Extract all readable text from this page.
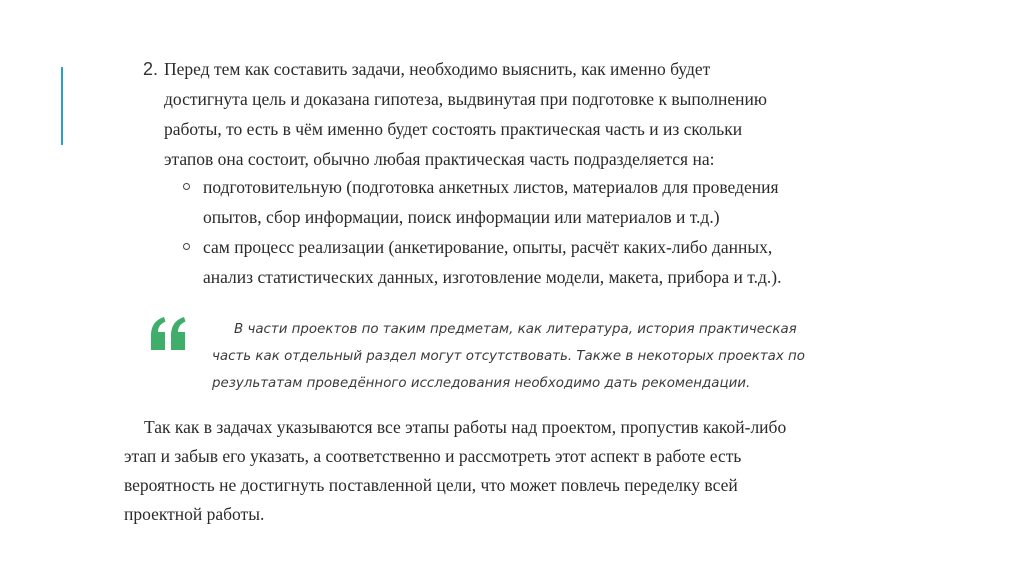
2. Перед тем как составить задачи, необходимо выяснить, как именно будет
достигнута цель и доказана гипотеза, выдвинутая при подготовке к выполнению
работы, то есть в чём именно будет состоять практическая часть и из скольки
этапов она состоит, обычно любая практическая часть подразделяется на:
подготовительную (подготовка анкетных листов, материалов для проведения
опытов, сбор информации, поиск информации или материалов и т.д.)
сам процесс реализации (анкетирование, опыты, расчёт каких-либо данных,
анализ статистических данных, изготовление модели, макета, прибора и т.д.).
В части проектов по таким предметам, как литература, история практическая
часть как отдельный раздел могут отсутствовать. Также в некоторых проектах по
результатам проведённого исследования необходимо дать рекомендации.
Так как в задачах указываются все этапы работы над проектом, пропустив какой-либо
этап и забыв его указать, а соответственно и рассмотреть этот аспект в работе есть
вероятность не достигнуть поставленной цели, что может повлечь переделку всей
проектной работы.
